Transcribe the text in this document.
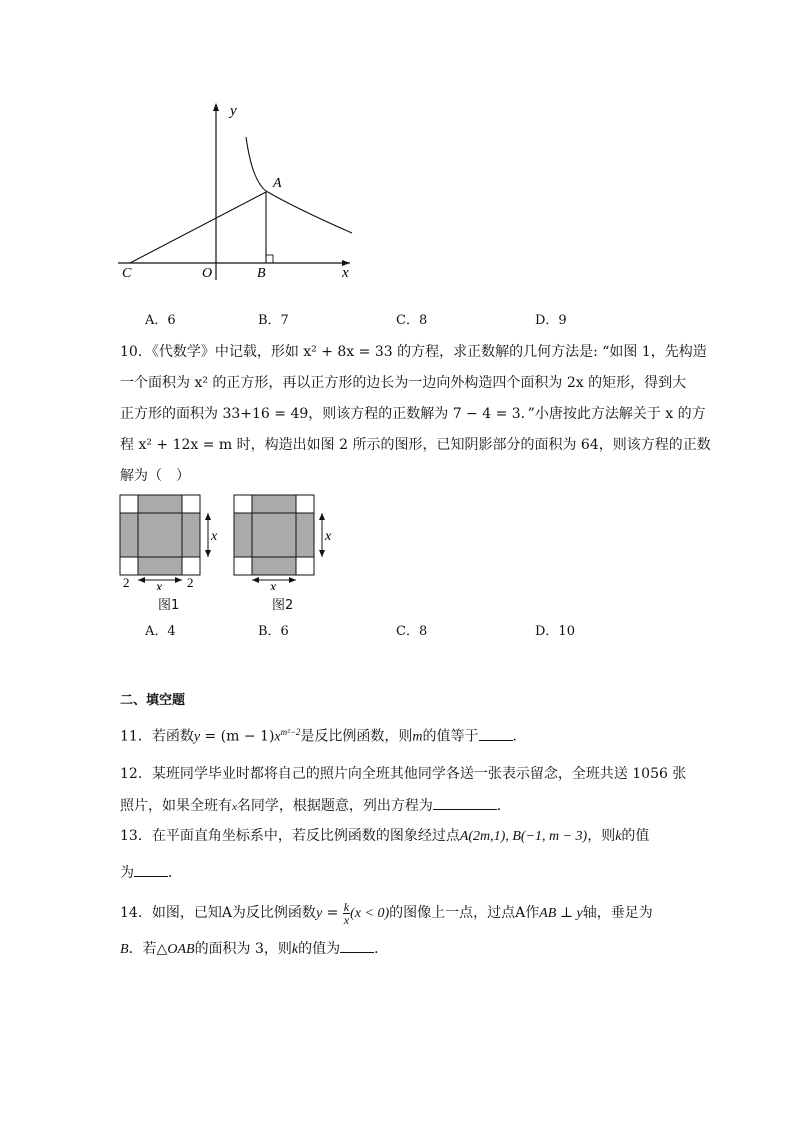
y
x
A
B
C	O
A．6	B．7	C．8	D．9
10．《代数学》中记载，形如 x² + 8x = 33 的方程，求正数解的几何方法是: “如图 1，先构造
一个面积为 x² 的正方形，再以正方形的边长为一边向外构造四个面积为 2x 的矩形，得到大
正方形的面积为 33+16 = 49，则该方程的正数解为 7 − 4 = 3．”小唐按此方法解关于 x 的方
程 x² + 12x = m 时，构造出如图 2 所示的图形，已知阴影部分的面积为 64，则该方程的正数
解为（　）
x
x
2	2
图1
x
x
图2
A．4	B．6	C．8	D．10
二、填空题
11．若函数$y = (m - 1)x^{m^2-2}$是反比例函数，则m的值等于 ．
12．某班同学毕业时都将自己的照片向全班其他同学各送一张表示留念，全班共送 1056 张
照片，如果全班有x名同学，根据题意，列出方程为	．
13．在平面直角坐标系中，若反比例函数的图象经过点A(2m,1), B(−1, m − 3)，则k的值
为 ．
14．如图，已知A为反比例函数$y = \frac{k}{x} (x < 0)$的图像上一点，过点A作AB ⊥ y轴，垂足为
B．若△OAB的面积为 3，则k的值为 ．
